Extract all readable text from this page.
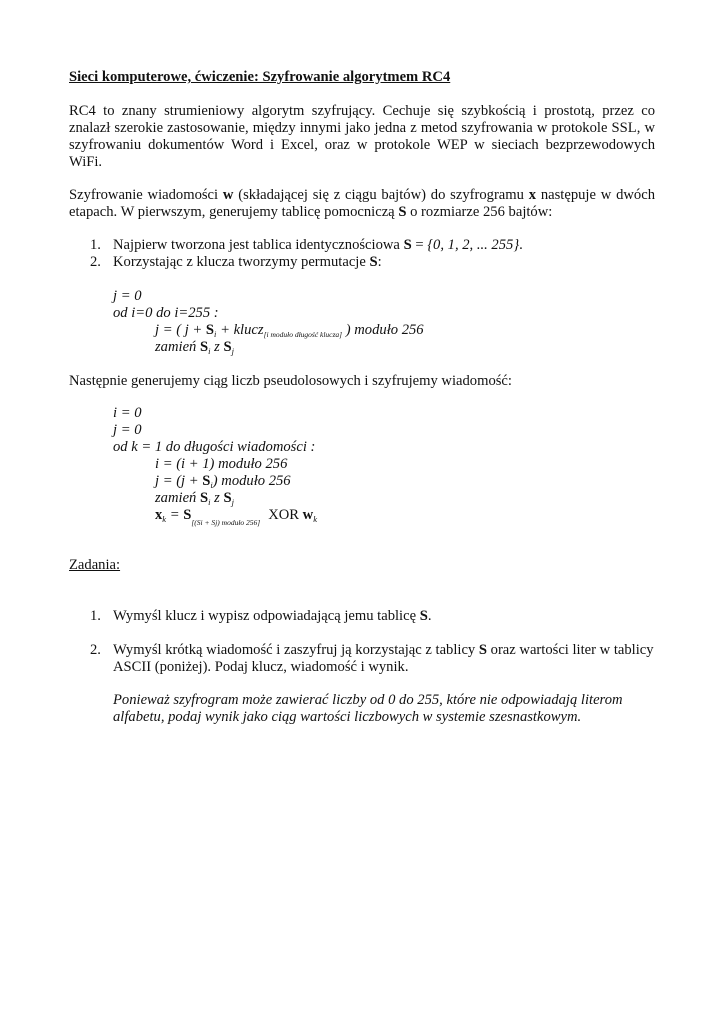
Sieci komputerowe, ćwiczenie: Szyfrowanie algorytmem RC4

RC4 to znany strumieniowy algorytm szyfrujący. Cechuje się szybkością i prostotą, przez co znalazł szerokie zastosowanie, między innymi jako jedna z metod szyfrowania w protokole SSL, w szyfrowaniu dokumentów Word i Excel, oraz w protokole WEP w sieciach bezprzewodowych WiFi.

Szyfrowanie wiadomości w (składającej się z ciągu bajtów) do szyfrogramu x następuje w dwóch etapach. W pierwszym, generujemy tablicę pomocniczą S o rozmiarze 256 bajtów:

1. Najpierw tworzona jest tablica identycznościowa S = {0, 1, 2, ... 255}.
2. Korzystając z klucza tworzymy permutacje S:
j = 0
od i=0 do i=255 :
j = ( $j + S_i$ + klucz$_{[i moduło długość klucza]}$ ) moduło 256
zamień $S_i$ z $S_j$

Następnie generujemy ciąg liczb pseudolosowych i szyfrujemy wiadomość:

i = 0
j = 0
od k = 1 do długości wiadomości :
i = (i + 1) moduło 256
$j = (j + S_i)$ moduło 256
zamień $S_i$ z $S_j$
$x_k = S_{[(Si + Sj) moduło 256]}$ XOR $w_k$

Zadania:

1. Wymyśl klucz i wypisz odpowiadającą jemu tablicę S.
2. Wymyśl krótką wiadomość i zaszyfruj ją korzystając z tablicy S oraz wartości liter w tablicy ASCII (poniżej). Podaj klucz, wiadomość i wynik.

Ponieważ szyfrogram może zawierać liczby od 0 do 255, które nie odpowiadają literom alfabetu, podaj wynik jako ciąg wartości liczbowych w systemie szesnastkowym.
